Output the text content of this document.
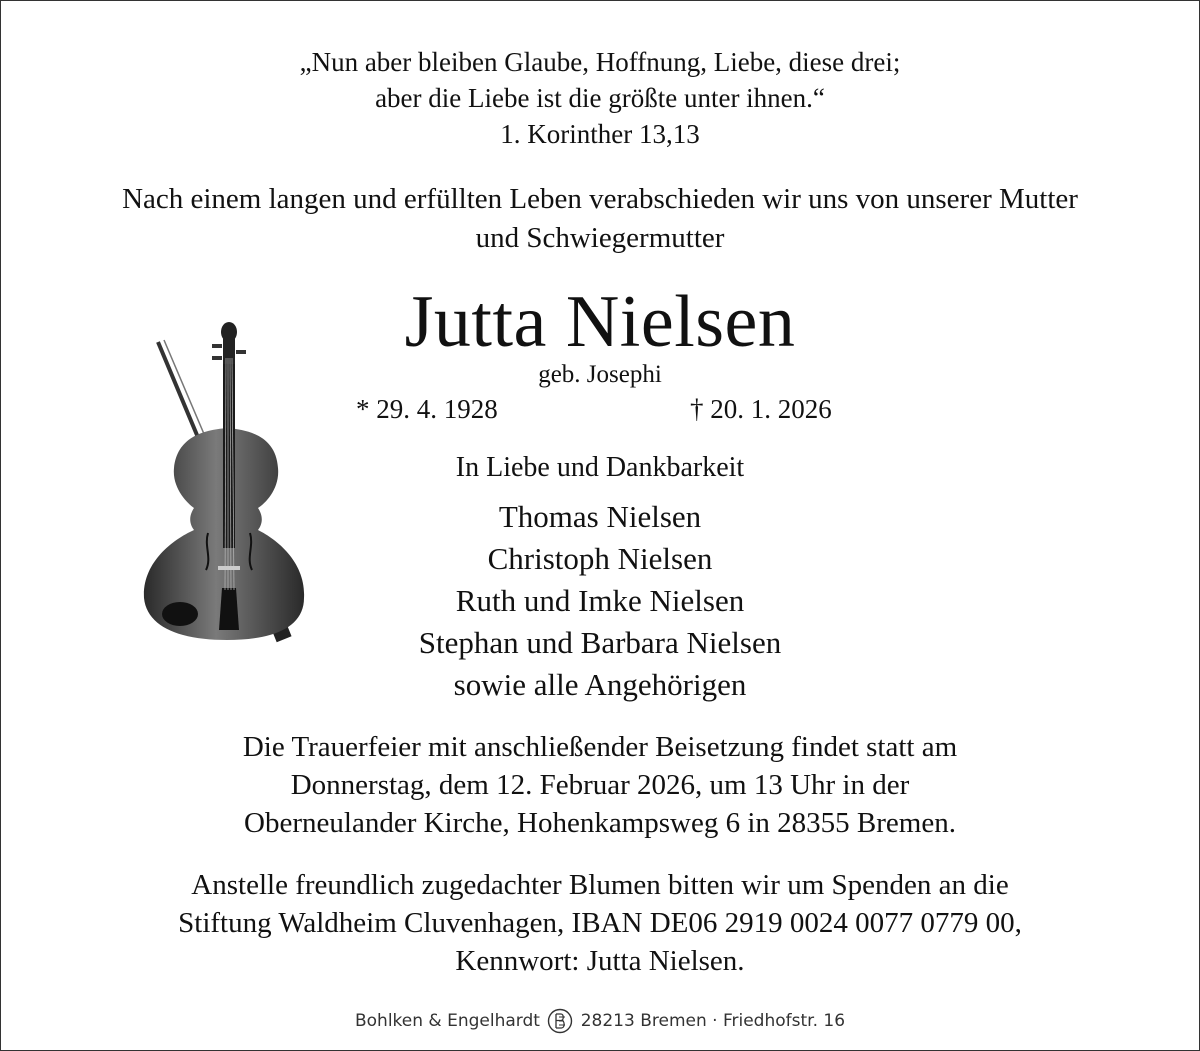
„Nun aber bleiben Glaube, Hoffnung, Liebe, diese drei;
aber die Liebe ist die größte unter ihnen.“
1. Korinther 13,13
Nach einem langen und erfüllten Leben verabschieden wir uns von unserer Mutter
und Schwiegermutter
Jutta Nielsen
geb. Josephi
* 29. 4. 1928	† 20. 1. 2026
In Liebe und Dankbarkeit
Thomas Nielsen
Christoph Nielsen
Ruth und Imke Nielsen
Stephan und Barbara Nielsen
sowie alle Angehörigen
Die Trauerfeier mit anschließender Beisetzung findet statt am
Donnerstag, dem 12. Februar 2026, um 13 Uhr in der
Oberneulander Kirche, Hohenkampsweg 6 in 28355 Bremen.
Anstelle freundlich zugedachter Blumen bitten wir um Spenden an die
Stiftung Waldheim Cluvenhagen, IBAN DE06 2919 0024 0077 0779 00,
Kennwort: Jutta Nielsen.
Bohlken & Engelhardt 28213 Bremen · Friedhofstr. 16
